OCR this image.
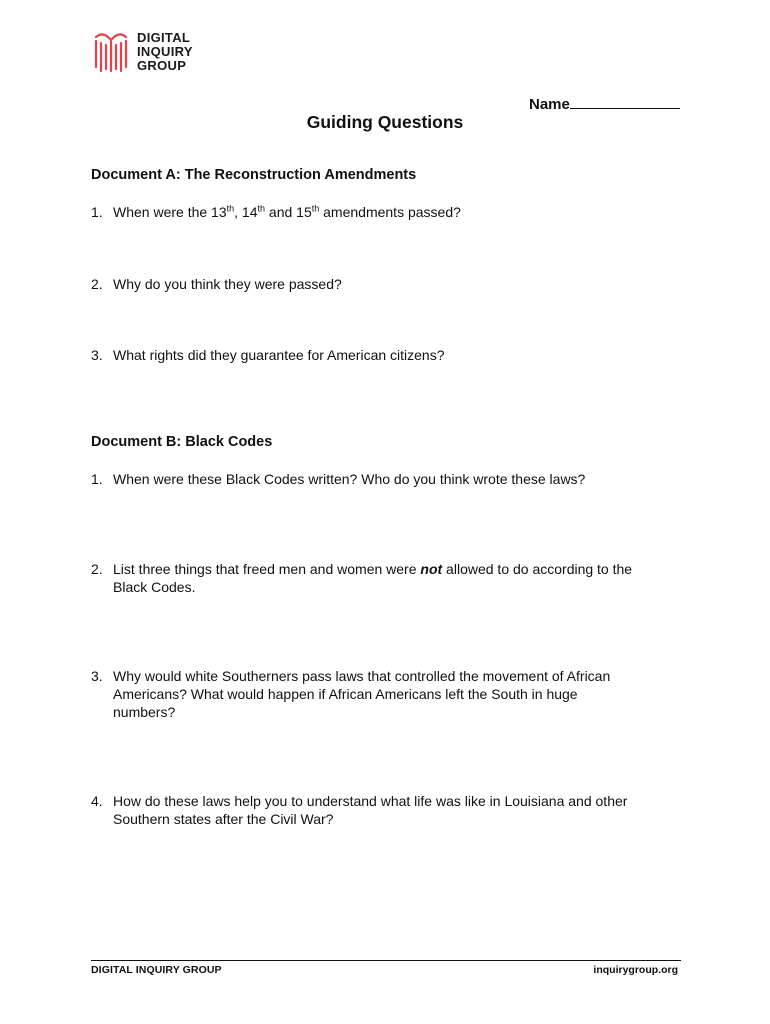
DIGITAL
INQUIRY
GROUP
Name
Guiding Questions
Document A: The Reconstruction Amendments
1. When were the 13th, 14th and 15th amendments passed?
2. Why do you think they were passed?
3. What rights did they guarantee for American citizens?
Document B: Black Codes
1. When were these Black Codes written? Who do you think wrote these laws?
2. List three things that freed men and women were not allowed to do according to the
Black Codes.
3. Why would white Southerners pass laws that controlled the movement of African
Americans? What would happen if African Americans left the South in huge
numbers?
4. How do these laws help you to understand what life was like in Louisiana and other
Southern states after the Civil War?
DIGITAL INQUIRY GROUP	inquirygroup.org
